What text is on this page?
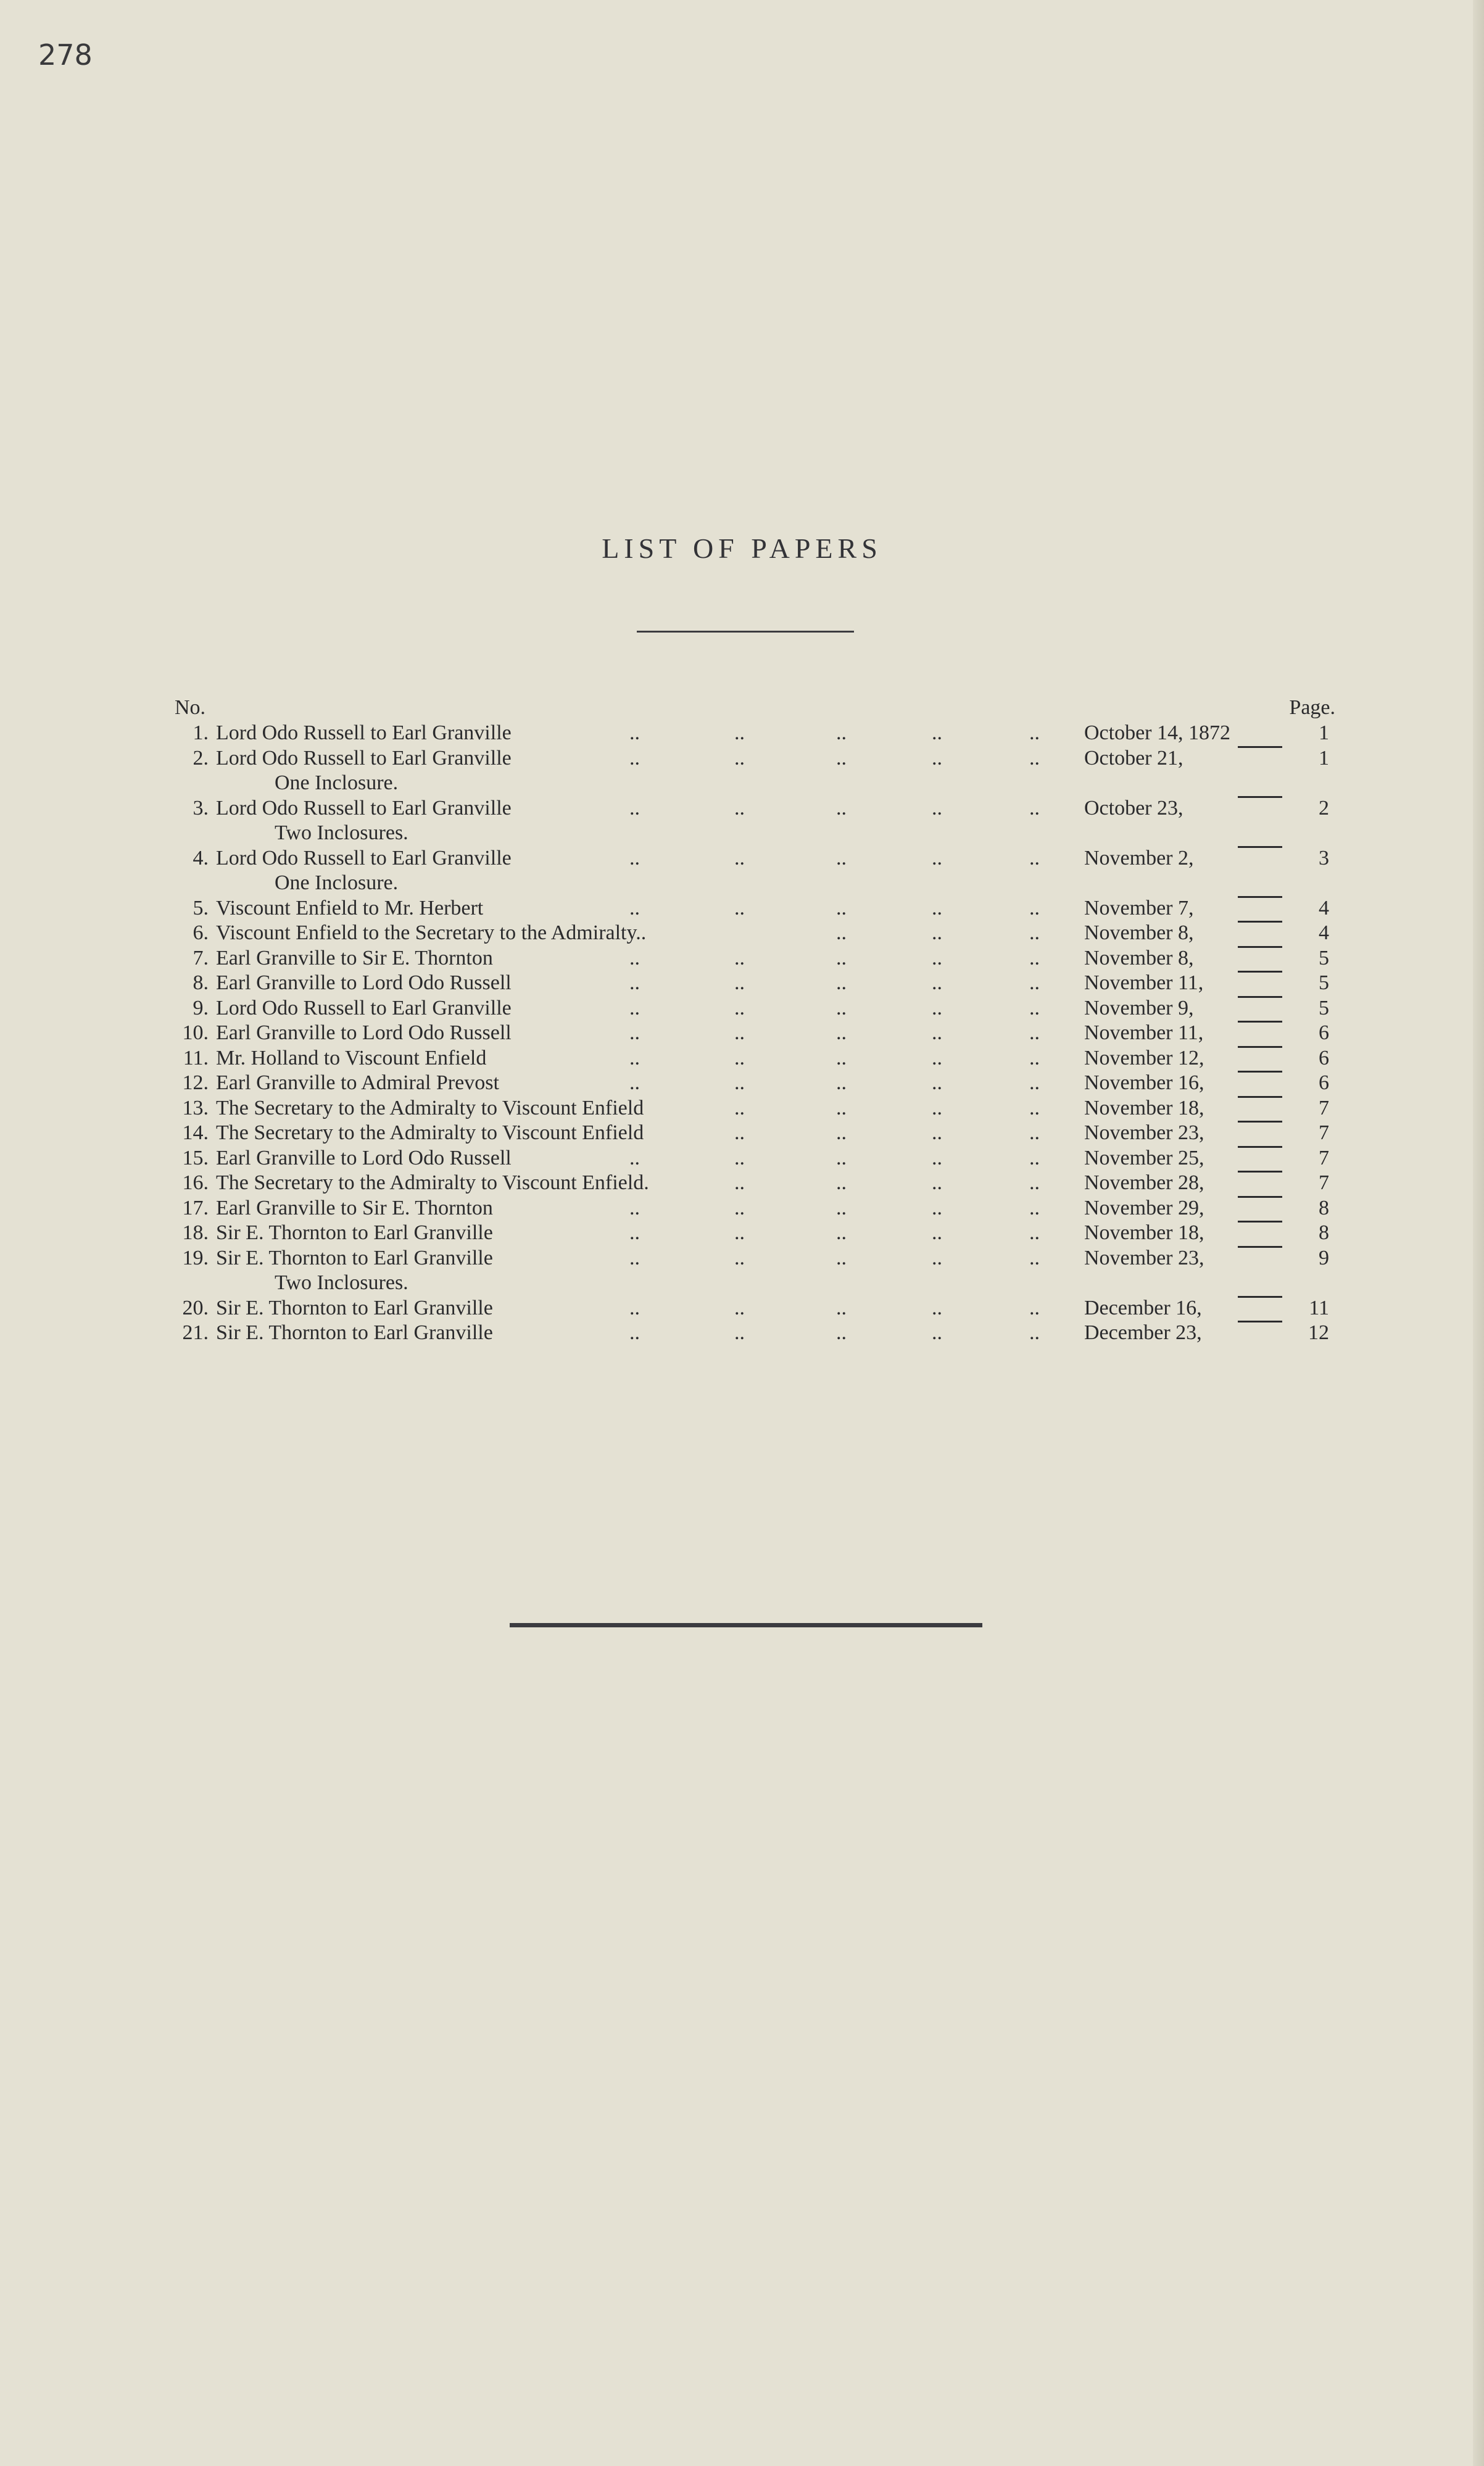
278
LIST OF PAPERS
No.	Page.
1. Lord Odo Russell to Earl Granville	..	..	..	..	.. October 14, 1872	1
2. Lord Odo Russell to Earl Granville	..	..	..	..	.. October 21,	1
One Inclosure.
3. Lord Odo Russell to Earl Granville	..	..	..	..	.. October 23,	2
Two Inclosures.
4. Lord Odo Russell to Earl Granville	..	..	..	..	.. November 2,	3
One Inclosure.
5. Viscount Enfield to Mr. Herbert	..	..	..	..	.. November 7,	4
6. Viscount Enfield to the Secretary to the Admiralty..	..	..	.. November 8,	4
7. Earl Granville to Sir E. Thornton	..	..	..	..	.. November 8,	5
8. Earl Granville to Lord Odo Russell	..	..	..	..	.. November 11,	5
9. Lord Odo Russell to Earl Granville	..	..	..	..	.. November 9,	5
10. Earl Granville to Lord Odo Russell	..	..	..	..	.. November 11,	6
11. Mr. Holland to Viscount Enfield	..	..	..	..	.. November 12,	6
12. Earl Granville to Admiral Prevost	..	..	..	..	.. November 16,	6
13. The Secretary to the Admiralty to Viscount Enfield	..	..	..	.. November 18,	7
14. The Secretary to the Admiralty to Viscount Enfield	..	..	..	.. November 23,	7
15. Earl Granville to Lord Odo Russell	..	..	..	..	.. November 25,	7
16. The Secretary to the Admiralty to Viscount Enfield.	..	..	..	.. November 28,	7
17. Earl Granville to Sir E. Thornton	..	..	..	..	.. November 29,	8
18. Sir E. Thornton to Earl Granville	..	..	..	..	.. November 18,	8
19. Sir E. Thornton to Earl Granville	..	..	..	..	.. November 23,	9
Two Inclosures.
20. Sir E. Thornton to Earl Granville	..	..	..	..	.. December 16,	11
21. Sir E. Thornton to Earl Granville	..	..	..	..	.. December 23,	12
